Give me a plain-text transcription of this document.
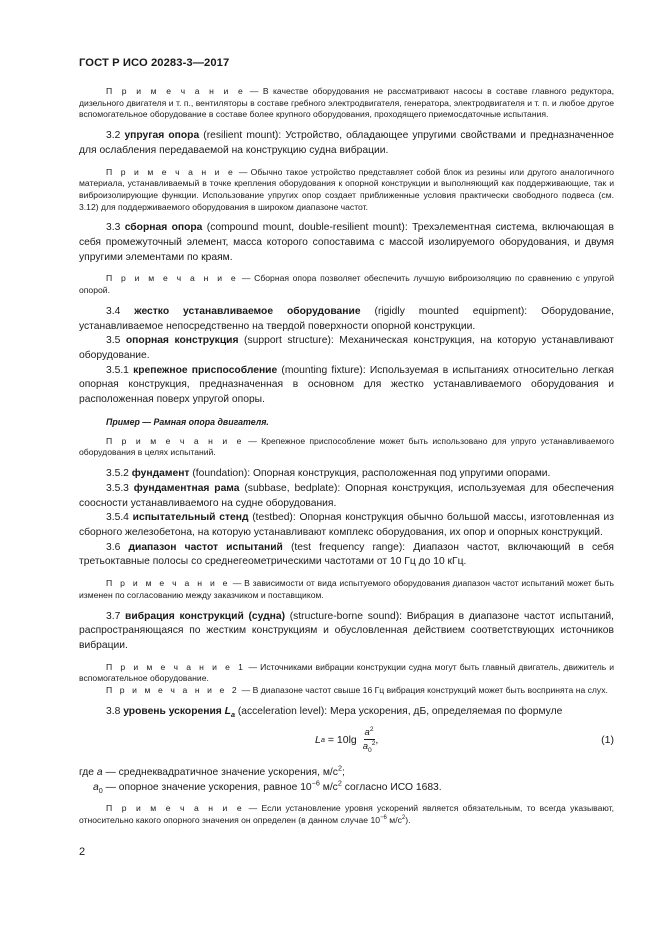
ГОСТ Р ИСО 20283-3—2017

П р и м е ч а н и е — В качестве оборудования не рассматривают насосы в составе главного редуктора, дизельного двигателя и т. п., вентиляторы в составе гребного электродвигателя, генератора, электродвигателя и т. п. и любое другое вспомогательное оборудование в составе более крупного оборудования, проходящего приемосдаточные испытания.

3.2 упругая опора (resilient mount): Устройство, обладающее упругими свойствами и предназначенное для ослабления передаваемой на конструкцию судна вибрации.

П р и м е ч а н и е — Обычно такое устройство представляет собой блок из резины или другого аналогичного материала, устанавливаемый в точке крепления оборудования к опорной конструкции и выполняющий как поддерживающие, так и виброизолирующие функции. Использование упругих опор создает приближенные условия практически свободного подвеса (см. 3.12) для поддерживаемого оборудования в широком диапазоне частот.

3.3 сборная опора (compound mount, double-resilient mount): Трехэлементная система, включающая в себя промежуточный элемент, масса которого сопоставима с массой изолируемого оборудования, и двумя упругими элементами по краям.

П р и м е ч а н и е — Сборная опора позволяет обеспечить лучшую виброизоляцию по сравнению с упругой опорой.

3.4 жестко устанавливаемое оборудование (rigidly mounted equipment): Оборудование, устанавливаемое непосредственно на твердой поверхности опорной конструкции.

3.5 опорная конструкция (support structure): Механическая конструкция, на которую устанавливают оборудование.

3.5.1 крепежное приспособление (mounting fixture): Используемая в испытаниях относительно легкая опорная конструкция, предназначенная в основном для жестко устанавливаемого оборудования и расположенная поверх упругой опоры.

Пример — Рамная опора двигателя.

П р и м е ч а н и е — Крепежное приспособление может быть использовано для упруго устанавливаемого оборудования в целях испытаний.

3.5.2 фундамент (foundation): Опорная конструкция, расположенная под упругими опорами.

3.5.3 фундаментная рама (subbase, bedplate): Опорная конструкция, используемая для обеспечения соосности устанавливаемого на судне оборудования.

3.5.4 испытательный стенд (testbed): Опорная конструкция обычно большой массы, изготовленная из сборного железобетона, на которую устанавливают комплекс оборудования, их опор и опорных конструкций.

3.6 диапазон частот испытаний (test frequency range): Диапазон частот, включающий в себя третьоктавные полосы со среднегеометрическими частотами от 10 Гц до 10 кГц.

П р и м е ч а н и е — В зависимости от вида испытуемого оборудования диапазон частот испытаний может быть изменен по согласованию между заказчиком и поставщиком.

3.7 вибрация конструкций (судна) (structure-borne sound): Вибрация в диапазоне частот испытаний, распространяющаяся по жестким конструкциям и обусловленная действием соответствующих источников вибрации.

П р и м е ч а н и е 1 — Источниками вибрации конструкции судна могут быть главный двигатель, движитель и вспомогательное оборудование.

П р и м е ч а н и е 2 — В диапазоне частот свыше 16 Гц вибрация конструкций может быть воспринята на слух.

3.8 уровень ускорения $L_a$ (acceleration level): Мера ускорения, дБ, определяемая по формуле

L $a = 10\lg \frac{a^2}{a_0^2}$ ,	(1)

где a — среднеквадратичное значение ускорения, $м/с^2$;

$a_0$ — опорное значение ускорения, равное $10^{-6}$ $м/с^2$ согласно ИСО 1683.

П р и м е ч а н и е — Если установление уровня ускорений является обязательным, то всегда указывают, относительно какого опорного значения он определен (в данном случае $10^{-6}$ $м/с^2$).

2
